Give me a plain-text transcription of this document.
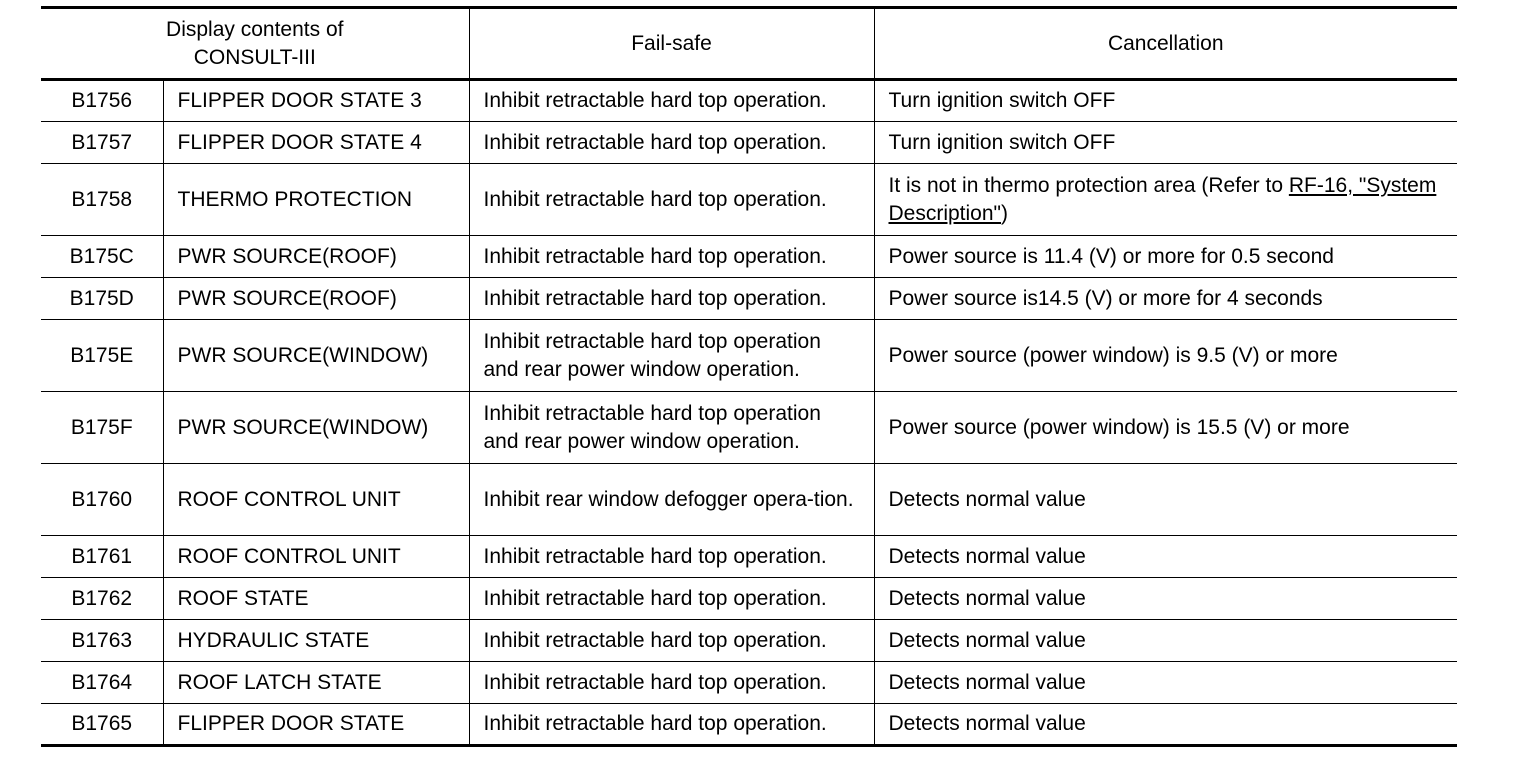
Display contents of
CONSULT-III		Fail-safe	Cancellation
B1756	FLIPPER DOOR STATE 3	Inhibit retractable hard top operation.	Turn ignition switch OFF
B1757	FLIPPER DOOR STATE 4	Inhibit retractable hard top operation.	Turn ignition switch OFF
B1758	THERMO PROTECTION	Inhibit retractable hard top operation.	It is not in thermo protection area (Refer to RF-16, "System Description")
B175C	PWR SOURCE(ROOF)	Inhibit retractable hard top operation.	Power source is 11.4 (V) or more for 0.5 second
B175D	PWR SOURCE(ROOF)	Inhibit retractable hard top operation.	Power source is14.5 (V) or more for 4 seconds
B175E	PWR SOURCE(WINDOW)	Inhibit retractable hard top operation and rear power window operation.	Power source (power window) is 9.5 (V) or more
B175F	PWR SOURCE(WINDOW)	Inhibit retractable hard top operation and rear power window operation.	Power source (power window) is 15.5 (V) or more
B1760	ROOF CONTROL UNIT	Inhibit rear window defogger opera-tion.	Detects normal value
B1761	ROOF CONTROL UNIT	Inhibit retractable hard top operation.	Detects normal value
B1762	ROOF STATE	Inhibit retractable hard top operation.	Detects normal value
B1763	HYDRAULIC STATE	Inhibit retractable hard top operation.	Detects normal value
B1764	ROOF LATCH STATE	Inhibit retractable hard top operation.	Detects normal value
B1765	FLIPPER DOOR STATE	Inhibit retractable hard top operation.	Detects normal value
